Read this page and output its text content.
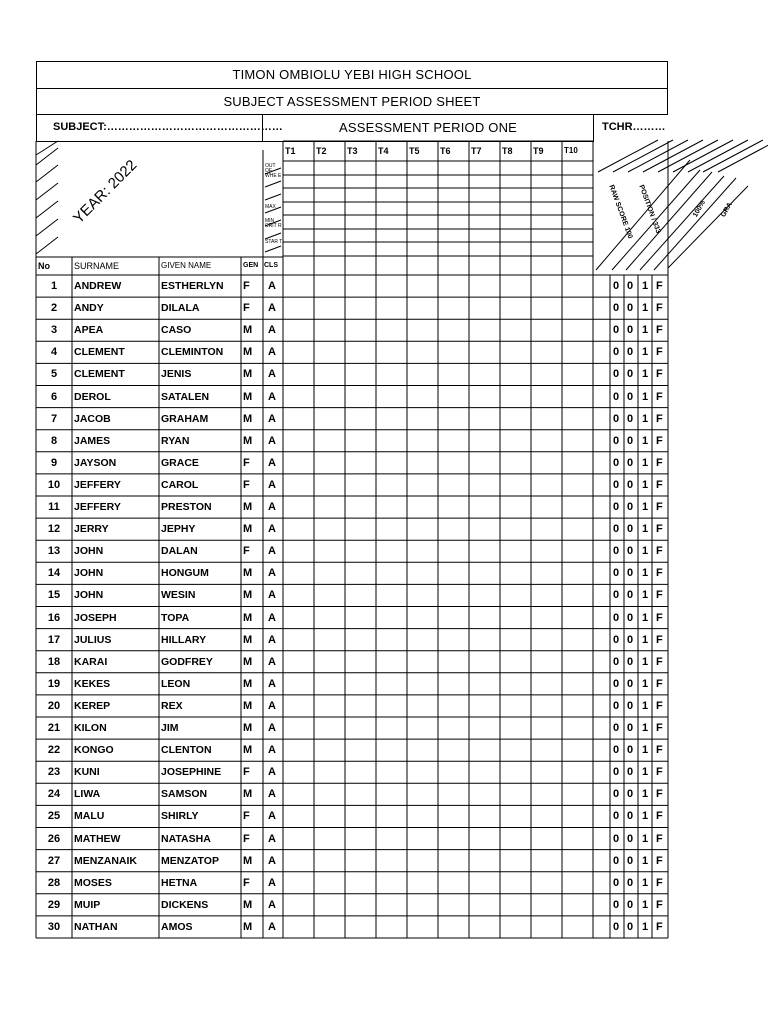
TIMON OMBIOLU YEBI HIGH SCHOOL
SUBJECT ASSESSMENT PERIOD SHEET
SUBJECT:…………………………………………	ASSESSMENT PERIOD ONE	TCHR………
YEAR: 2022
T1 T2 T3 T4 T5 T6 T7 T8 T9	T10
OUT OF WHE E
MAX
MIN CRIT R
STAR T
RAW SCORE 100 POSITION / 333	100% GRA
No	SURNAME	GIVEN NAME	GEN CLS
1	ANDREW	ESTHERLYN	F	A	0 0 1 F
2	ANDY	DILALA	F	A	0 0 1 F
3	APEA	CASO	M	A	0 0 1 F
4	CLEMENT	CLEMINTON	M	A	0 0 1 F
5	CLEMENT	JENIS	M	A	0 0 1 F
6	DEROL	SATALEN	M	A	0 0 1 F
7	JACOB	GRAHAM	M	A	0 0 1 F
8	JAMES	RYAN	M	A	0 0 1 F
9	JAYSON	GRACE	F	A	0 0 1 F
10	JEFFERY	CAROL	F	A	0 0 1 F
11	JEFFERY	PRESTON	M	A	0 0 1 F
12	JERRY	JEPHY	M	A	0 0 1 F
13	JOHN	DALAN	F	A	0 0 1 F
14	JOHN	HONGUM	M	A	0 0 1 F
15	JOHN	WESIN	M	A	0 0 1 F
16	JOSEPH	TOPA	M	A	0 0 1 F
17	JULIUS	HILLARY	M	A	0 0 1 F
18	KARAI	GODFREY	M	A	0 0 1 F
19	KEKES	LEON	M	A	0 0 1 F
20	KEREP	REX	M	A	0 0 1 F
21	KILON	JIM	M	A	0 0 1 F
22	KONGO	CLENTON	M	A	0 0 1 F
23	KUNI	JOSEPHINE	F	A	0 0 1 F
24	LIWA	SAMSON	M	A	0 0 1 F
25	MALU	SHIRLY	F	A	0 0 1 F
26	MATHEW	NATASHA	F	A	0 0 1 F
27	MENZANAIK	MENZATOP	M	A	0 0 1 F
28	MOSES	HETNA	F	A	0 0 1 F
29	MUIP	DICKENS	M	A	0 0 1 F
30	NATHAN	AMOS	M	A	0 0 1 F
